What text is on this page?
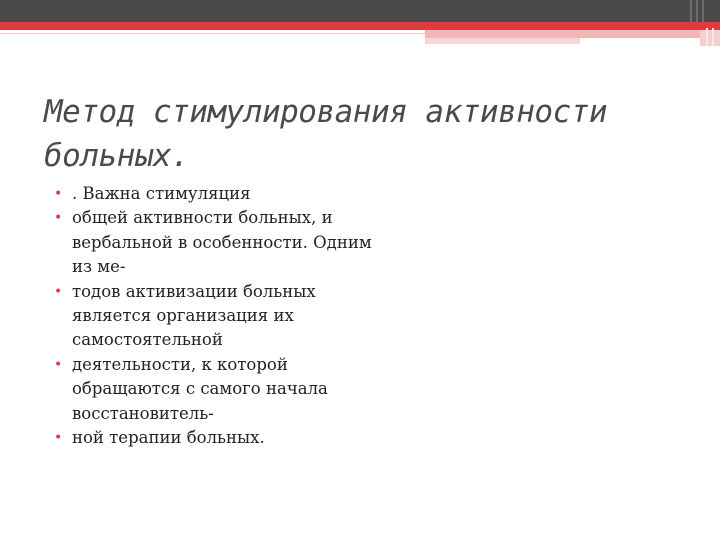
Метод стимулирования активности больных.
• . Важна стимуляция
• общей активности больных, и вербальной в особенности. Одним из ме-
• тодов активизации больных является организация их самостоятельной
• деятельности, к которой обращаются с самого начала восстановитель-
• ной терапии больных.
